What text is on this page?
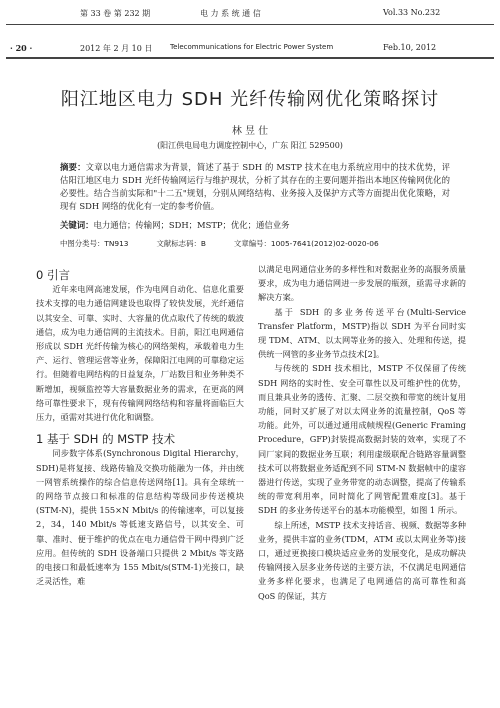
第 33 卷 第 232 期	电 力 系 统 通 信	Vol.33 No.232
· 20 ·	2012 年 2 月 10 日	Telecommunications for Electric Power System	Feb.10, 2012
阳江地区电力 SDH 光纤传输网优化策略探讨
林 昱 仕
(阳江供电局电力调度控制中心，广东 阳江 529500)
摘要：文章以电力通信需求为背景，简述了基于 SDH 的 MSTP 技术在电力系统应用中的技术优势，评估阳江地区电力 SDH 光纤传输网运行与维护现状，分析了其存在的主要问题并指出本地区传输网优化的必要性。结合当前实际和"十二五"规划，分别从网络结构、业务接入及保护方式等方面提出优化策略，对现有 SDH 网络的优化有一定的参考价值。
关键词：电力通信；传输网；SDH；MSTP；优化；通信业务
中图分类号：TN913	文献标志码：B	文章编号：1005-7641(2012)02-0020-06

0 引言

近年来电网高速发展，作为电网自动化、信息化重要技术支撑的电力通信网建设也取得了较快发展，光纤通信以其安全、可靠、实时、大容量的优点取代了传统的载波通信，成为电力通信网的主流技术。目前，阳江电网通信形成以 SDH 光纤传输为核心的网络架构，承载着电力生产、运行、管理运营等业务，保障阳江电网的可靠稳定运行。但随着电网结构的日益复杂，厂站数目和业务种类不断增加，视频监控等大容量数据业务的需求，在更高的网络可靠性要求下，现有传输网网络结构和容量将面临巨大压力，亟需对其进行优化和调整。

1 基于 SDH 的 MSTP 技术

同步数字体系(Synchronous Digital Hierarchy，SDH)是将复接、线路传输及交换功能融为一体，并由统一网管系统操作的综合信息传送网络[1]。具有全球统一的网络节点接口和标准的信息结构等级同步传送模块(STM-N)，提供 155×N Mbit/s 的传输速率，可以复接 2，34，140 Mbit/s 等低速支路信号，以其安全、可靠、准时、便于维护的优点在电力通信骨干网中得到广泛应用。但传统的 SDH 设备端口只提供 2 Mbit/s 等支路的电接口和最低速率为 155 Mbit/s(STM-1)光接口，缺乏灵活性，难

以满足电网通信业务的多样性和对数据业务的高服务质量要求，成为电力通信网进一步发展的瓶颈，亟需寻求新的解决方案。

基于 SDH 的多业务传送平台(Multi-Service Transfer Platform，MSTP)指以 SDH 为平台同时实现 TDM、ATM、以太网等业务的接入、处理和传送，提供统一网管的多业务节点技术[2]。

与传统的 SDH 技术相比，MSTP 不仅保留了传统 SDH 网络的实时性、安全可靠性以及可维护性的优势，而且兼具业务的透传、汇聚、二层交换和带宽的统计复用功能，同时又扩展了对以太网业务的流量控制，QoS 等功能。此外，可以通过通用成帧规程(Generic Framing Procedure，GFP)封装提高数据封装的效率，实现了不同厂家间的数据业务互联；利用虚级联配合链路容量调整技术可以将数据业务适配到不同 STM-N 数据帧中的虚容器进行传送，实现了业务带宽的动态调整，提高了传输系统的带宽利用率，同时简化了网管配置难度[3]。基于 SDH 的多业务传送平台的基本功能模型，如图 1 所示。

综上所述，MSTP 技术支持话音、视频、数据等多种业务，提供丰富的业务(TDM，ATM 或以太网业务等)接口，通过更换接口模块适应业务的发展变化，是成功解决传输网接入层多业务传送的主要方法，不仅满足电网通信业务多样化要求，也满足了电网通信的高可靠性和高 QoS 的保证，其方
